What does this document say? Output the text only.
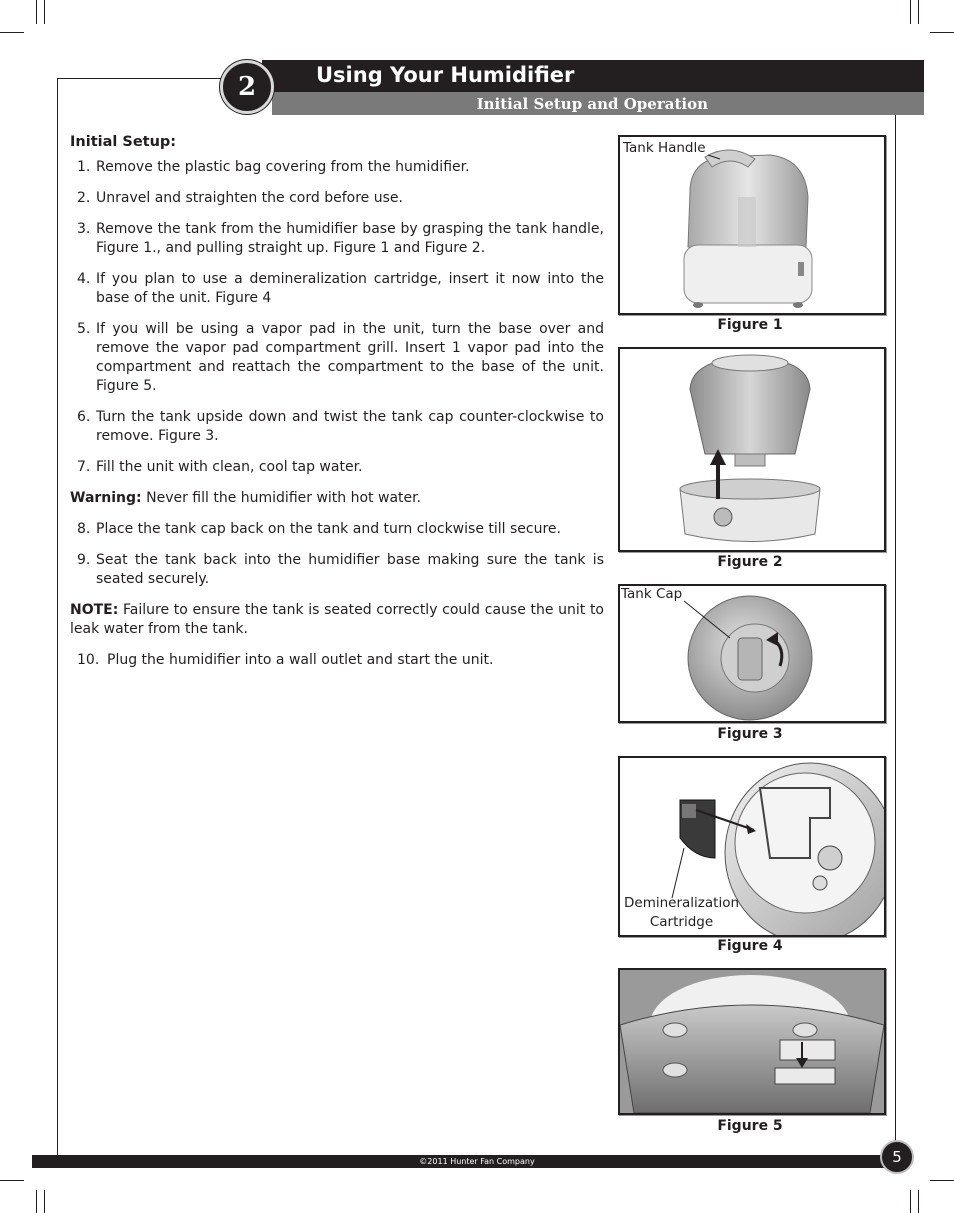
Using Your Humidifier
Initial Setup and Operation
2
Initial Setup:
1. Remove the plastic bag covering from the humidifier.
2. Unravel and straighten the cord before use.
3. Remove the tank from the humidifier base by grasping the tank handle, Figure 1., and pulling straight up. Figure 1 and Figure 2.
4. If you plan to use a demineralization cartridge, insert it now into the base of the unit. Figure 4
5. If you will be using a vapor pad in the unit, turn the base over and remove the vapor pad compartment grill. Insert 1 vapor pad into the compartment and reattach the compartment to the base of the unit. Figure 5.
6. Turn the tank upside down and twist the tank cap counter-clockwise to remove. Figure 3.
7. Fill the unit with clean, cool tap water.
Warning: Never fill the humidifier with hot water.
8. Place the tank cap back on the tank and turn clockwise till secure.
9. Seat the tank back into the humidifier base making sure the tank is seated securely.
NOTE: Failure to ensure the tank is seated correctly could cause the unit to leak water from the tank.
10. Plug the humidifier into a wall outlet and start the unit.
Tank Handle
Figure 1
Figure 2
Tank Cap
Figure 3
Demineralization
Cartridge
Figure 4
Figure 5
©2011 Hunter Fan Company	5
